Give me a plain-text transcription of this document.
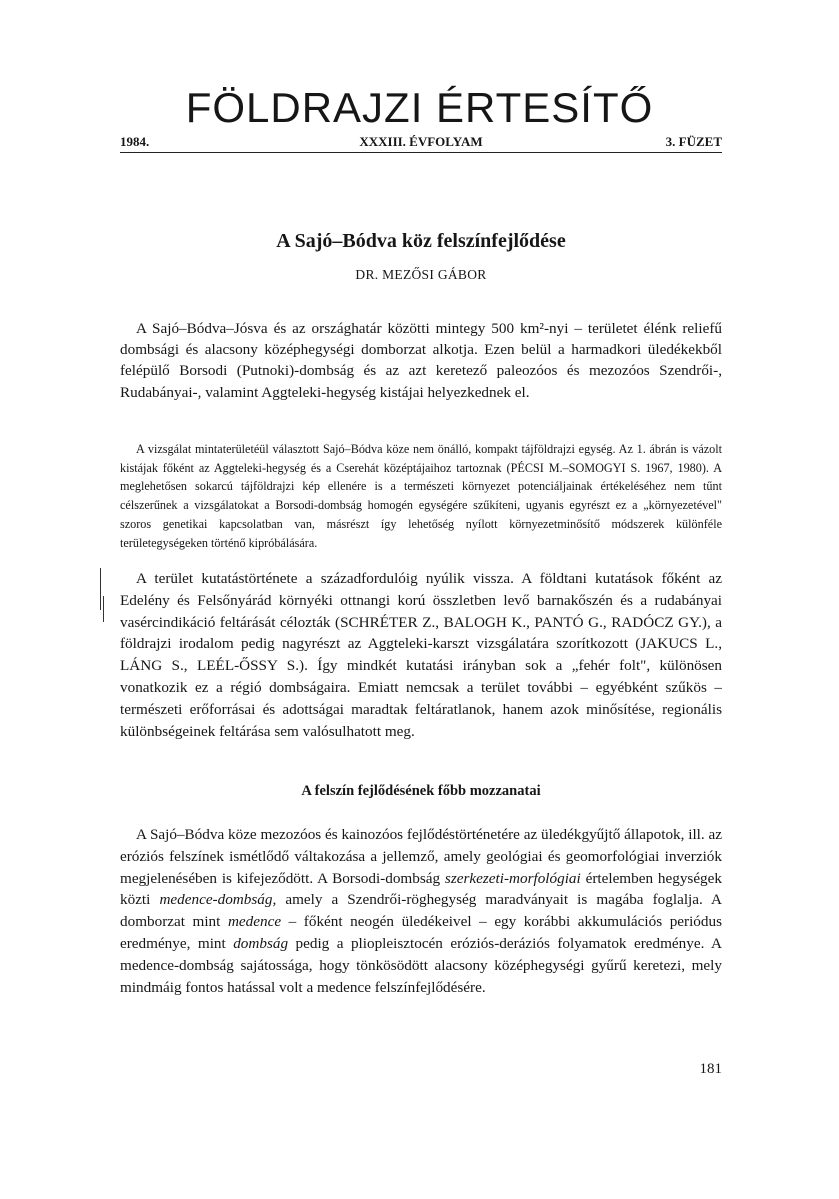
FÖLDRAJZI ÉRTESÍTŐ
XXXIII. ÉVFOLYAM
1984.	3. FÜZET
A Sajó–Bódva köz felszínfejlődése
DR. MEZŐSI GÁBOR

A Sajó–Bódva–Jósva és az országhatár közötti mintegy 500 km²-nyi – területet élénk reliefű dombsági és alacsony középhegységi domborzat alkotja. Ezen belül a harmadkori üledékekből felépülő Borsodi (Putnoki)-dombság és az azt keretező paleozóos és mezozóos Szendrői-, Rudabányai-, valamint Aggteleki-hegység kistájai helyezkednek el.

A vizsgálat mintaterületéül választott Sajó–Bódva köze nem önálló, kompakt tájföldrajzi egység. Az 1. ábrán is vázolt kistájak főként az Aggteleki-hegység és a Cserehát középtájaihoz tartoznak (PÉCSI M.–SOMOGYI S. 1967, 1980). A meglehetősen sokarcú tájföldrajzi kép ellenére is a természeti környezet potenciáljainak értékeléséhez nem tűnt célszerűnek a vizsgálatokat a Borsodi-dombság homogén egységére szűkíteni, ugyanis egyrészt ez a „környezetével" szoros genetikai kapcsolatban van, másrészt így lehetőség nyílott környezetminősítő módszerek különféle területegységeken történő kipróbálására.

A terület kutatástörténete a századfordulóig nyúlik vissza. A földtani kutatások főként az Edelény és Felsőnyárád környéki ottnangi korú összletben levő barnakőszén és a rudabányai vasércindikáció feltárását célozták (SCHRÉTER Z., BALOGH K., PANTÓ G., RADÓCZ GY.), a földrajzi irodalom pedig nagyrészt az Aggteleki-karszt vizsgálatára szorítkozott (JAKUCS L., LÁNG S., LEÉL-ŐSSY S.). Így mindkét kutatási irányban sok a „fehér folt", különösen vonatkozik ez a régió dombságaira. Emiatt nemcsak a terület további – egyébként szűkös – természeti erőforrásai és adottságai maradtak feltáratlanok, hanem azok minősítése, regionális különbségeinek feltárása sem valósulhatott meg.

A felszín fejlődésének főbb mozzanatai

A Sajó–Bódva köze mezozóos és kainozóos fejlődéstörténetére az üledékgyűjtő állapotok, ill. az eróziós felszínek ismétlődő váltakozása a jellemző, amely geológiai és geomorfológiai inverziók megjelenésében is kifejeződött. A Borsodi-dombság szerkezeti-morfológiai értelemben hegységek közti medence-dombság, amely a Szendrői-röghegység maradványait is magába foglalja. A domborzat mint medence – főként neogén üledékeivel – egy korábbi akkumulációs periódus eredménye, mint dombság pedig a pliopleisztocén eróziós-deráziós folyamatok eredménye. A medence-dombság sajátossága, hogy tönkösödött alacsony középhegységi gyűrű keretezi, mely mindmáig fontos hatással volt a medence felszínfejlődésére.

181
